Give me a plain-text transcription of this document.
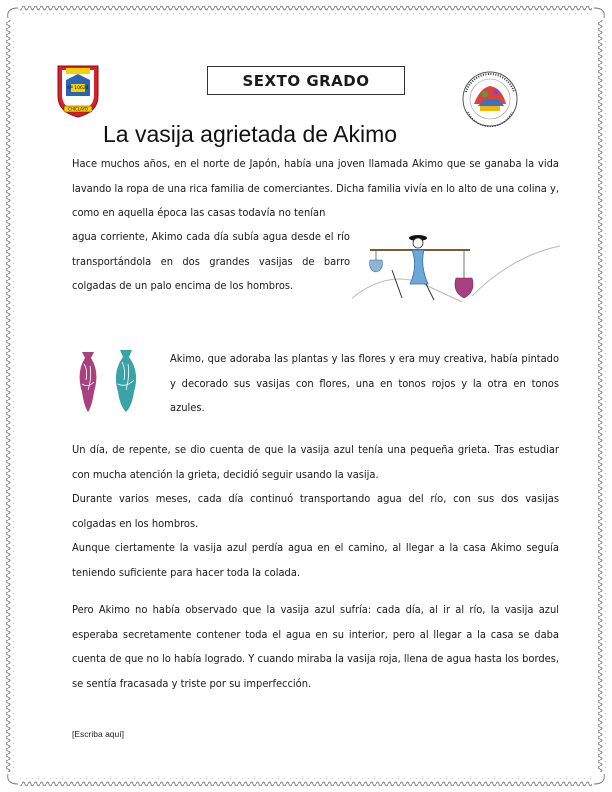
Nº 10624
CHICLAYO
SEXTO GRADO
La vasija agrietada de Akimo

Hace muchos años, en el norte de Japón, había una joven llamada Akimo que se ganaba la vida lavando la ropa de una rica familia de comerciantes. Dicha familia vivía en lo alto de una colina y, como en aquella época las casas todavía no tenían

agua corriente, Akimo cada día subía agua desde el río transportándola en dos grandes vasijas de barro colgadas de un palo encima de los hombros.

Akimo, que adoraba las plantas y las flores y era muy creativa, había pintado y decorado sus vasijas con flores, una en tonos rojos y la otra en tonos azules.

Un día, de repente, se dio cuenta de que la vasija azul tenía una pequeña grieta. Tras estudiar con mucha atención la grieta, decidió seguir usando la vasija.

Durante varios meses, cada día continuó transportando agua del río, con sus dos vasijas colgadas en los hombros.

Aunque ciertamente la vasija azul perdía agua en el camino, al llegar a la casa Akimo seguía teniendo suficiente para hacer toda la colada.

Pero Akimo no había observado que la vasija azul sufría: cada día, al ir al río, la vasija azul esperaba secretamente contener toda el agua en su interior, pero al llegar a la casa se daba cuenta de que no lo había logrado. Y cuando miraba la vasija roja, llena de agua hasta los bordes, se sentía fracasada y triste por su imperfección.

[Escriba aquí]
